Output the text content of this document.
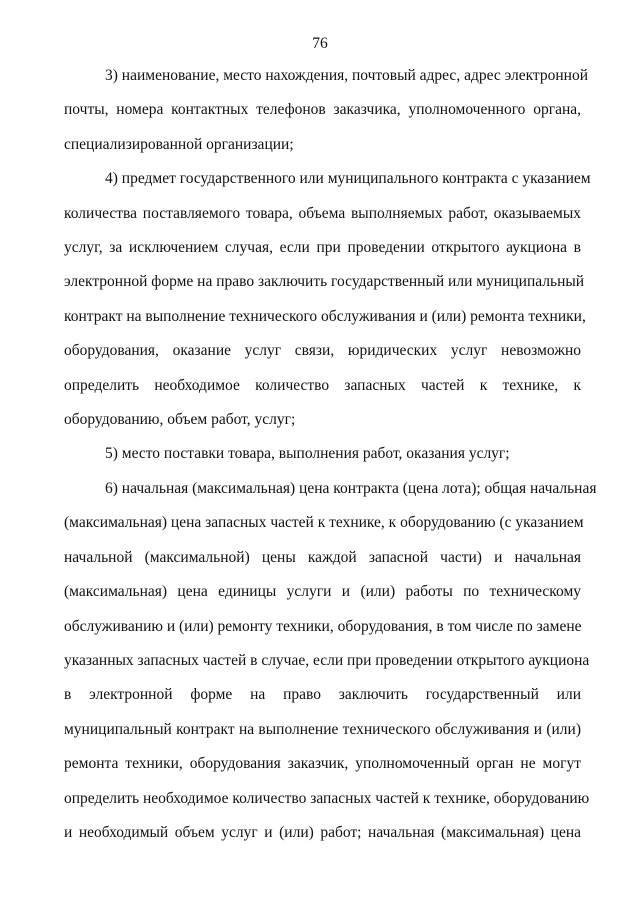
76

3) наименование, место нахождения, почтовый адрес, адрес электронной
почты, номера контактных телефонов заказчика, уполномоченного органа,
специализированной организации;

4) предмет государственного или муниципального контракта с указанием
количества поставляемого товара, объема выполняемых работ, оказываемых
услуг, за исключением случая, если при проведении открытого аукциона в
электронной форме на право заключить государственный или муниципальный
контракт на выполнение технического обслуживания и (или) ремонта техники,
оборудования, оказание услуг связи, юридических услуг невозможно
определить необходимое количество запасных частей к технике, к
оборудованию, объем работ, услуг;

5) место поставки товара, выполнения работ, оказания услуг;

6) начальная (максимальная) цена контракта (цена лота); общая начальная
(максимальная) цена запасных частей к технике, к оборудованию (с указанием
начальной (максимальной) цены каждой запасной части) и начальная
(максимальная) цена единицы услуги и (или) работы по техническому
обслуживанию и (или) ремонту техники, оборудования, в том числе по замене
указанных запасных частей в случае, если при проведении открытого аукциона
в электронной форме на право заключить государственный или
муниципальный контракт на выполнение технического обслуживания и (или)
ремонта техники, оборудования заказчик, уполномоченный орган не могут
определить необходимое количество запасных частей к технике, оборудованию
и необходимый объем услуг и (или) работ; начальная (максимальная) цена
